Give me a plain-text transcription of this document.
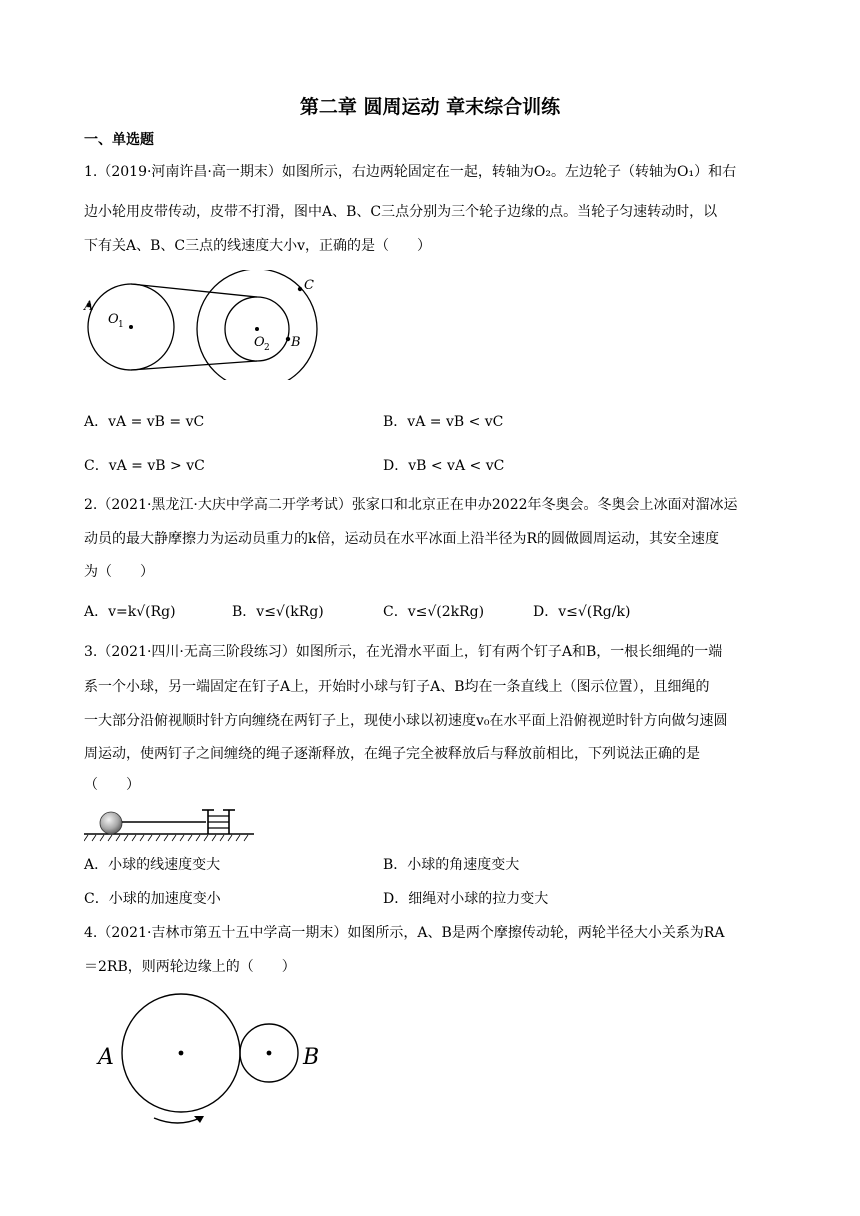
第二章 圆周运动 章末综合训练
一、单选题
1.（2019·河南许昌·高一期末）如图所示，右边两轮固定在一起，转轴为O₂。左边轮子（转轴为O₁）和右
边小轮用皮带传动，皮带不打滑，图中A、B、C三点分别为三个轮子边缘的点。当轮子匀速转动时，以
下有关A、B、C三点的线速度大小v，正确的是（　　）
A
O 1
O 2 B
C
A．vA = vB = vC	B．vA = vB < vC
C．vA = vB > vC	D．vB < vA < vC
2.（2021·黑龙江·大庆中学高二开学考试）张家口和北京正在申办2022年冬奥会。冬奥会上冰面对溜冰运
动员的最大静摩擦力为运动员重力的k倍，运动员在水平冰面上沿半径为R的圆做圆周运动，其安全速度
为（　　）
A．v=k√(Rg)	B．v≤√(kRg)	C．v≤√(2kRg)	D．v≤√(Rg/k)
3.（2021·四川·无高三阶段练习）如图所示，在光滑水平面上，钉有两个钉子A和B，一根长细绳的一端
系一个小球，另一端固定在钉子A上，开始时小球与钉子A、B均在一条直线上（图示位置），且细绳的
一大部分沿俯视顺时针方向缠绕在两钉子上，现使小球以初速度v₀在水平面上沿俯视逆时针方向做匀速圆
周运动，使两钉子之间缠绕的绳子逐渐释放，在绳子完全被释放后与释放前相比，下列说法正确的是
（　　）
A．小球的线速度变大	B．小球的角速度变大
C．小球的加速度变小	D．细绳对小球的拉力变大
4.（2021·吉林市第五十五中学高一期末）如图所示，A、B是两个摩擦传动轮，两轮半径大小关系为RA
＝2RB，则两轮边缘上的（　　）
A	B
